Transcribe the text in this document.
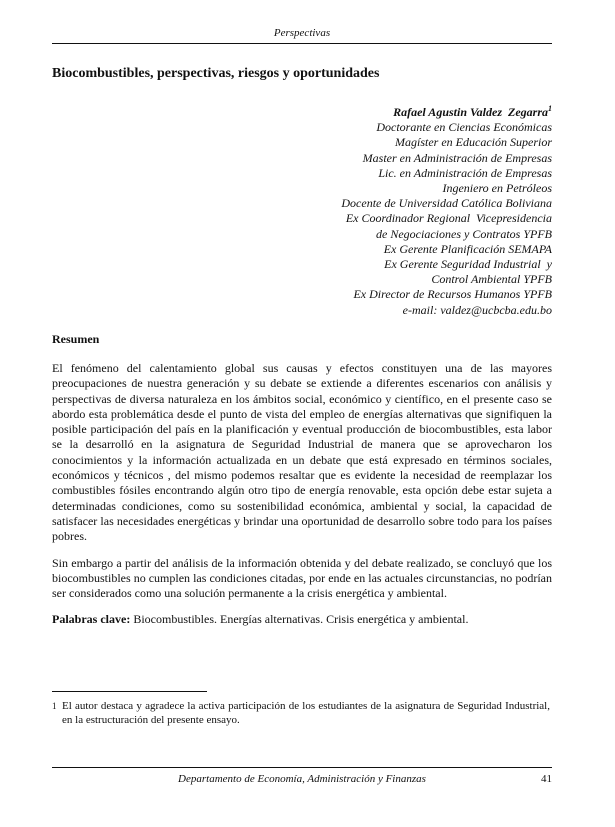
Perspectivas
Biocombustibles, perspectivas, riesgos y oportunidades
Rafael Agustin Valdez  Zegarra$^1$
Doctorante en Ciencias Económicas
Magíster en Educación Superior
Master en Administración de Empresas
Lic. en Administración de Empresas
Ingeniero en Petróleos
Docente de Universidad Católica Boliviana
Ex Coordinador Regional  Vicepresidencia
de Negociaciones y Contratos YPFB
Ex Gerente Planificación SEMAPA
Ex Gerente Seguridad Industrial  y
Control Ambiental YPFB
Ex Director de Recursos Humanos YPFB
e-mail: valdez@ucbcba.edu.bo
Resumen

El fenómeno del calentamiento global sus causas y efectos constituyen una de las mayores preocupaciones de nuestra generación y su debate se extiende a diferentes escenarios con análisis y perspectivas de diversa naturaleza en los ámbitos social, económico y científico, en el presente caso se abordo esta problemática desde el punto de vista del empleo de energías alternativas que signifiquen la posible participación del país en la planificación y eventual producción de biocombustibles, esta labor se la desarrolló en la asignatura de Seguridad Industrial de manera que se aprovecharon los conocimientos y la información actualizada en un debate que está expresado en términos sociales, económicos y técnicos , del mismo podemos resaltar que es evidente la necesidad de reemplazar los combustibles fósiles encontrando algún otro tipo de energía renovable, esta opción debe estar sujeta a determinadas condiciones, como su sostenibilidad económica, ambiental y social, la capacidad de satisfacer las necesidades energéticas y brindar una oportunidad de desarrollo sobre todo para los países pobres.

Sin embargo a partir del análisis de la información obtenida y del debate realizado, se concluyó que los biocombustibles no cumplen las condiciones citadas, por ende en las actuales circunstancias, no podrían ser considerados como una solución permanente a la crisis energética y ambiental.

Palabras clave: Biocombustibles. Energías alternativas. Crisis energética y ambiental.

1 El autor destaca y agradece la activa participación de los estudiantes de la asignatura de Seguridad Industrial, en la estructuración del presente ensayo.
Departamento de Economía, Administración y Finanzas	41
